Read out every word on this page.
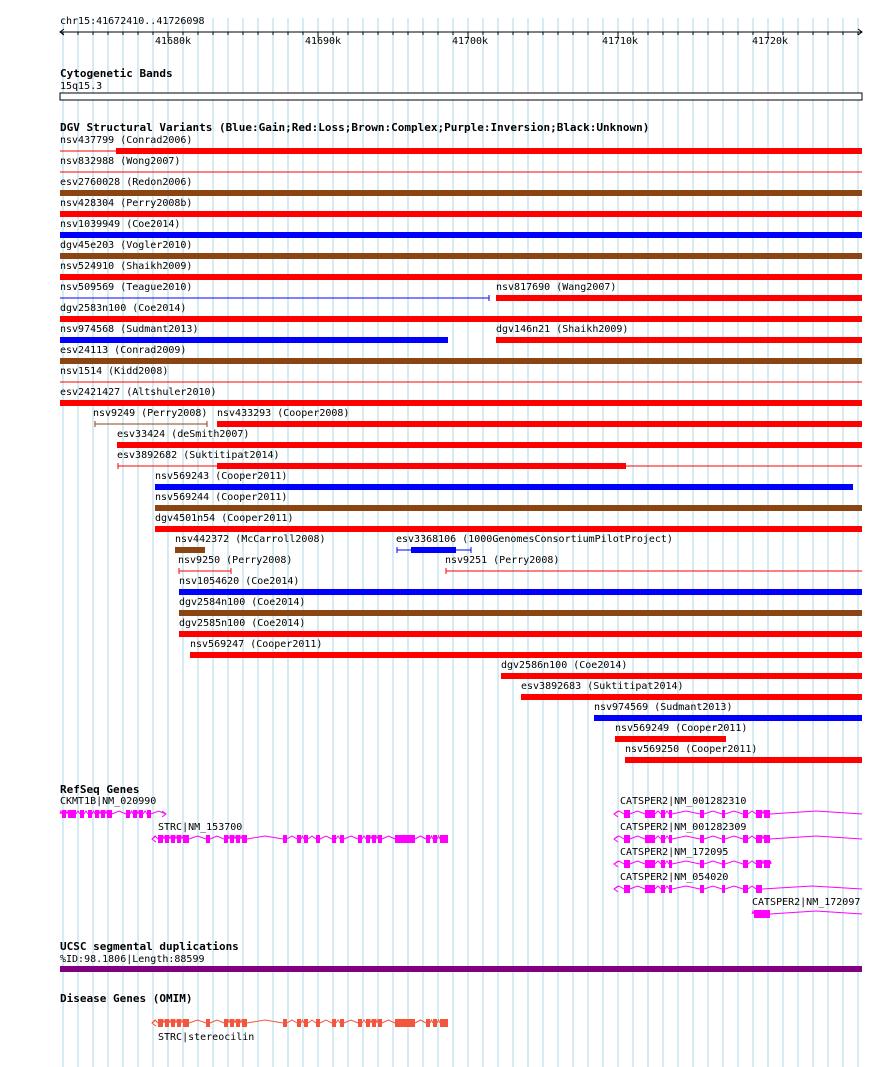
chr15:41672410..41726098
41680k	41690k	41700k	41710k	41720k
Cytogenetic Bands
15q15.3
DGV Structural Variants (Blue:Gain;Red:Loss;Brown:Complex;Purple:Inversion;Black:Unknown)
nsv437799 (Conrad2006)
nsv832988 (Wong2007)
esv2760028 (Redon2006)
nsv428304 (Perry2008b)
nsv1039949 (Coe2014)
dgv45e203 (Vogler2010)
nsv524910 (Shaikh2009)
nsv509569 (Teague2010)	nsv817690 (Wang2007)
dgv2583n100 (Coe2014)
nsv974568 (Sudmant2013)	dgv146n21 (Shaikh2009)
esv24113 (Conrad2009)
nsv1514 (Kidd2008)
esv2421427 (Altshuler2010)
nsv9249 (Perry2008) nsv433293 (Cooper2008)
esv33424 (deSmith2007)
esv3892682 (Suktitipat2014)
nsv569243 (Cooper2011)
nsv569244 (Cooper2011)
dgv4501n54 (Cooper2011)
nsv442372 (McCarroll2008)	esv3368106 (1000GenomesConsortiumPilotProject)
nsv9250 (Perry2008)	nsv9251 (Perry2008)
nsv1054620 (Coe2014)
dgv2584n100 (Coe2014)
dgv2585n100 (Coe2014)
nsv569247 (Cooper2011)
dgv2586n100 (Coe2014)
esv3892683 (Suktitipat2014)
nsv974569 (Sudmant2013)
nsv569249 (Cooper2011)
nsv569250 (Cooper2011)
RefSeq Genes
CKMT1B|NM_020990
STRC|NM_153700
CATSPER2|NM_001282310
CATSPER2|NM_001282309
CATSPER2|NM_172095
CATSPER2|NM_054020
CATSPER2|NM_172097
UCSC segmental duplications
%ID:98.1806|Length:88599
Disease Genes (OMIM)
STRC|stereocilin
